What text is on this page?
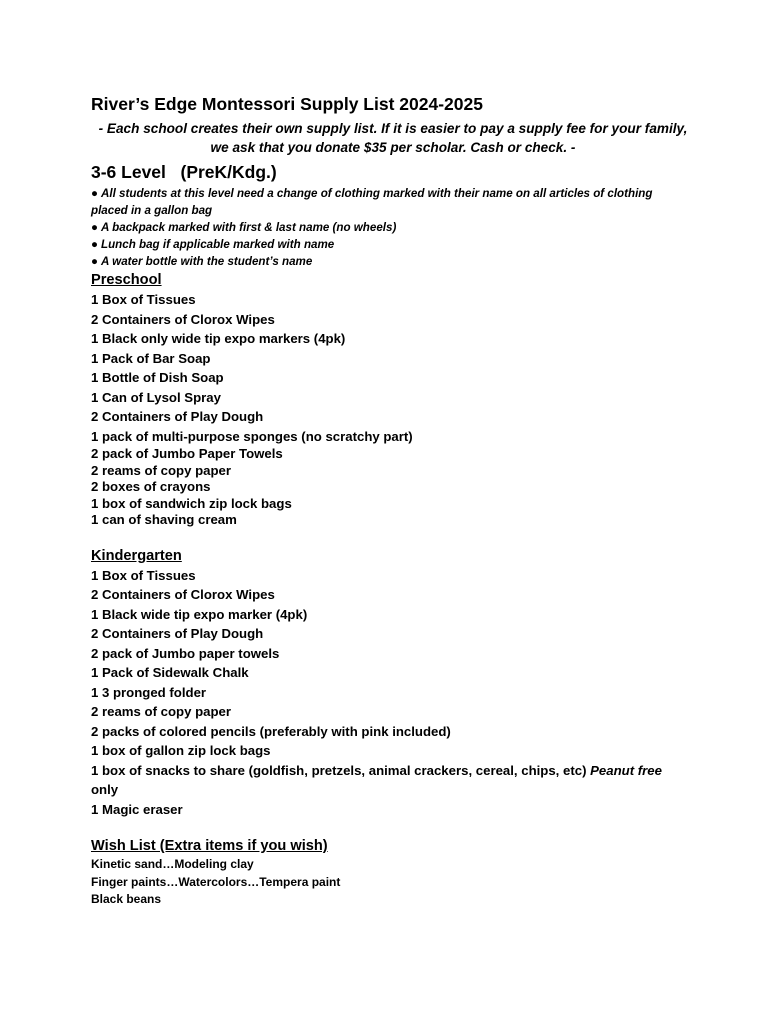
River’s Edge Montessori Supply List 2024-2025

- Each school creates their own supply list. If it is easier to pay a supply fee for your family, we ask that you donate $35 per scholar. Cash or check. -

3-6 Level   (PreK/Kdg.)
● All students at this level need a change of clothing marked with their name on all articles of clothing placed in a gallon bag
● A backpack marked with first & last name (no wheels)
● Lunch bag if applicable marked with name
● A water bottle with the student’s name
Preschool
1 Box of Tissues
2 Containers of Clorox Wipes
1 Black only wide tip expo markers (4pk)
1 Pack of Bar Soap
1 Bottle of Dish Soap
1 Can of Lysol Spray
2 Containers of Play Dough
1 pack of multi-purpose sponges (no scratchy part)
2 pack of Jumbo Paper Towels
2 reams of copy paper
2 boxes of crayons
1 box of sandwich zip lock bags
1 can of shaving cream
Kindergarten
1 Box of Tissues
2 Containers of Clorox Wipes
1 Black wide tip expo marker (4pk)
2 Containers of Play Dough
2 pack of Jumbo paper towels
1 Pack of Sidewalk Chalk
1 3 pronged folder
2 reams of copy paper
2 packs of colored pencils (preferably with pink included)
1 box of gallon zip lock bags
1 box of snacks to share (goldfish, pretzels, animal crackers, cereal, chips, etc) Peanut free only
1 Magic eraser
Wish List (Extra items if you wish)
Kinetic sand…Modeling clay
Finger paints…Watercolors…Tempera paint
Black beans
